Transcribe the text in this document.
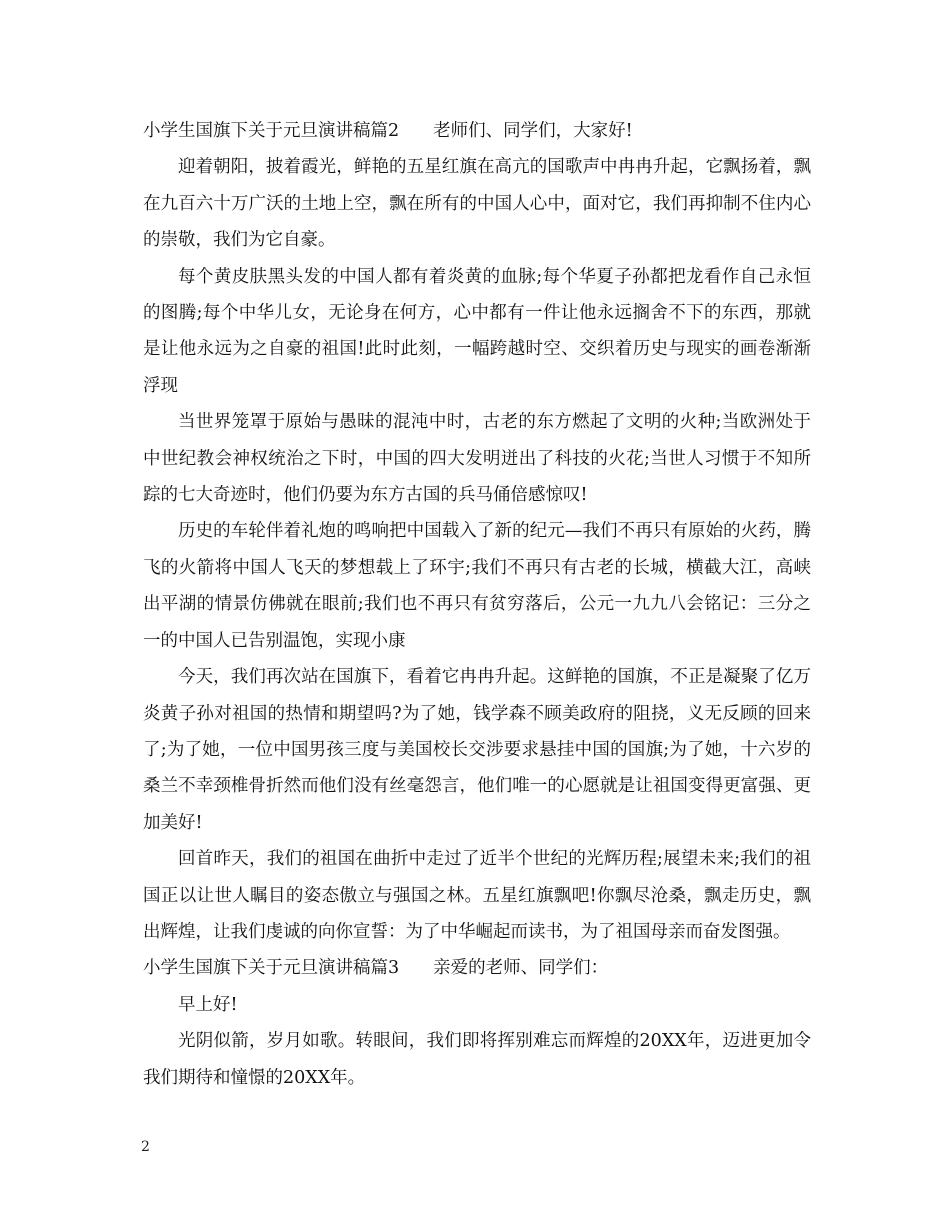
小学生国旗下关于元旦演讲稿篇2 老师们、同学们，大家好!

迎着朝阳，披着霞光，鲜艳的五星红旗在高亢的国歌声中冉冉升起，它飘扬着，飘在九百六十万广沃的土地上空，飘在所有的中国人心中，面对它，我们再抑制不住内心的崇敬，我们为它自豪。

每个黄皮肤黑头发的中国人都有着炎黄的血脉;每个华夏子孙都把龙看作自己永恒的图腾;每个中华儿女，无论身在何方，心中都有一件让他永远搁舍不下的东西，那就是让他永远为之自豪的祖国!此时此刻，一幅跨越时空、交织着历史与现实的画卷渐渐浮现

当世界笼罩于原始与愚昧的混沌中时，古老的东方燃起了文明的火种;当欧洲处于中世纪教会神权统治之下时，中国的四大发明迸出了科技的火花;当世人习惯于不知所踪的七大奇迹时，他们仍要为东方古国的兵马俑倍感惊叹!

历史的车轮伴着礼炮的鸣响把中国载入了新的纪元—我们不再只有原始的火药，腾飞的火箭将中国人飞天的梦想载上了环宇;我们不再只有古老的长城，横截大江，高峡出平湖的情景仿佛就在眼前;我们也不再只有贫穷落后，公元一九九八会铭记：三分之一的中国人已告别温饱，实现小康

今天，我们再次站在国旗下，看着它冉冉升起。这鲜艳的国旗，不正是凝聚了亿万炎黄子孙对祖国的热情和期望吗?为了她，钱学森不顾美政府的阻挠，义无反顾的回来了;为了她，一位中国男孩三度与美国校长交涉要求悬挂中国的国旗;为了她，十六岁的桑兰不幸颈椎骨折然而他们没有丝毫怨言，他们唯一的心愿就是让祖国变得更富强、更加美好!

回首昨天，我们的祖国在曲折中走过了近半个世纪的光辉历程;展望未来;我们的祖国正以让世人瞩目的姿态傲立与强国之林。五星红旗飘吧!你飘尽沧桑，飘走历史，飘出辉煌，让我们虔诚的向你宣誓：为了中华崛起而读书，为了祖国母亲而奋发图强。

小学生国旗下关于元旦演讲稿篇3 亲爱的老师、同学们：

早上好!

光阴似箭，岁月如歌。转眼间，我们即将挥别难忘而辉煌的20XX年，迈进更加令我们期待和憧憬的20XX年。

2
